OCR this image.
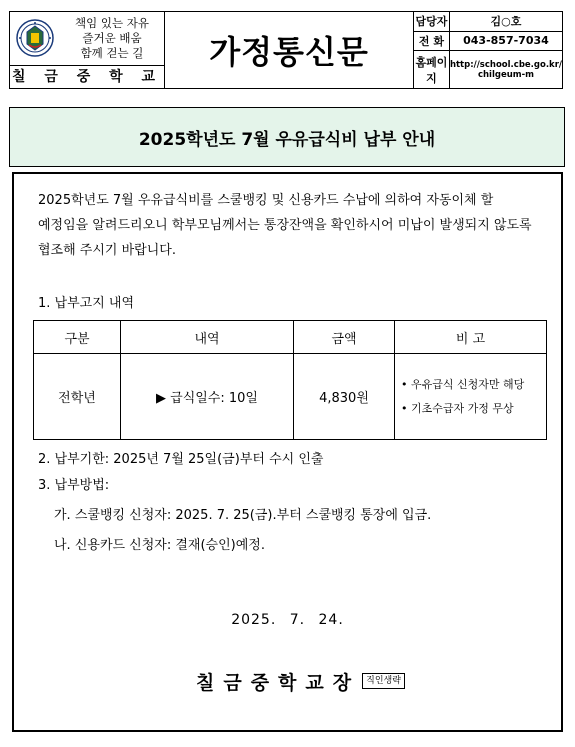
책임 있는 자유
즐거운 배움
함께 걷는 길
칠 금 중 학 교
가정통신문
담당자	김○호
전 화	043-857-7034
홈페이지	http://school.cbe.go.kr/
chilgeum-m
2025학년도 7월 우유급식비 납부 안내
2025학년도 7월 우유급식비를 스쿨뱅킹 및 신용카드 수납에 의하여 자동이체 할 예정임을 알려드리오니 학부모님께서는 통장잔액을 확인하시어 미납이 발생되지 않도록 협조해 주시기 바랍니다.
1. 납부고지 내역
구분	내역	금액	비 고
전학년	▶ 급식일수: 10일	4,830원	• 우유급식 신청자만 해당
• 기초수급자 가정 무상
2. 납부기한: 2025년 7월 25일(금)부터 수시 인출
3. 납부방법:
가. 스쿨뱅킹 신청자: 2025. 7. 25(금).부터 스쿨뱅킹 통장에 입금.
나. 신용카드 신청자: 결재(승인)예정.
2025. 7. 24.
칠금중학교장 직인생략
